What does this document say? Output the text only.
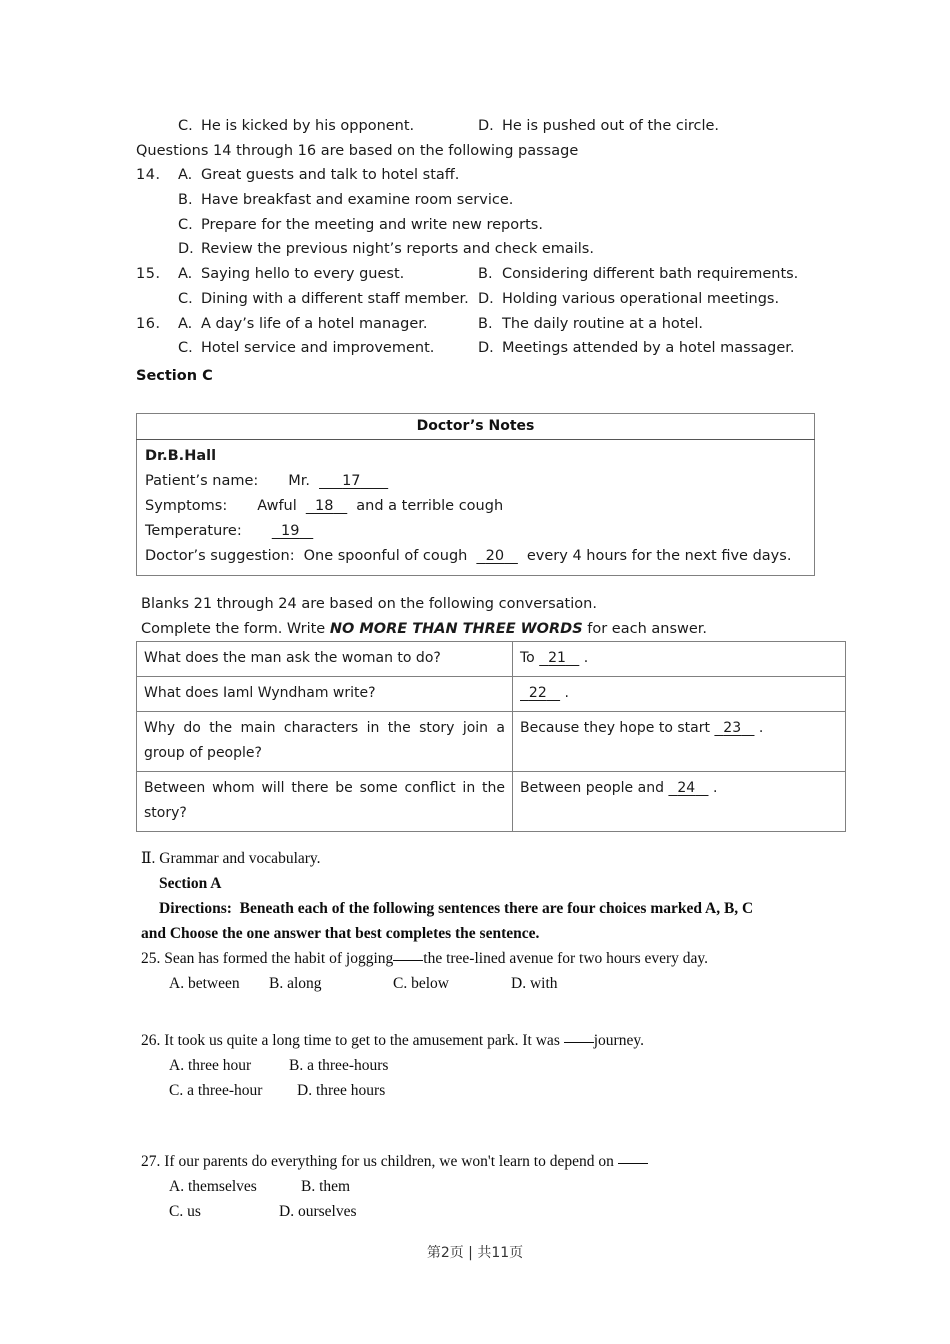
C. He is kicked by his opponent.	D. He is pushed out of the circle.
Questions 14 through 16 are based on the following passage
14． A. Great guests and talk to hotel staff.
B. Have breakfast and examine room service.
C. Prepare for the meeting and write new reports.
D. Review the previous night’s reports and check emails.
15． A. Saying hello to every guest.	B. Considering different bath requirements.
C. Dining with a different staff member. D. Holding various operational meetings.
16． A. A day’s life of a hotel manager.	B. The daily routine at a hotel.
C. Hotel service and improvement.	D. Meetings attended by a hotel massager.
Section C
Doctor’s Notes

Dr.B.Hall
Patient’s name: Mr. 17
Symptoms: Awful 18 and a terrible cough
Temperature:	19
Doctor’s suggestion: One spoonful of cough 20 every 4 hours for the next five days.
Blanks 21 through 24 are based on the following conversation.
Complete the form. Write NO MORE THAN THREE WORDS for each answer.
What does the man ask the woman to do?	To   21    .
What does Iaml Wyndham write?	22    .
Why do the main characters in the story join a group of people?	Because they hope to start   23    .
Between whom will there be some conflict in the story?	Between people and   24    .
Ⅱ. Grammar and vocabulary.
Section A
Directions: Beneath each of the following sentences there are four choices marked A, B, C
and Choose the one answer that best completes the sentence.
25. Sean has formed the habit of jogging the tree-lined avenue for two hours every day.
A. between B. along	C. below	D. with
26. It took us quite a long time to get to the amusement park. It was journey.
A. three hour B. a three-hours
C. a three-hour D. three hours
27. If our parents do everything for us children, we won't learn to depend on
A. themselves	B. them
C. us	D. ourselves
第2页 | 共11页
